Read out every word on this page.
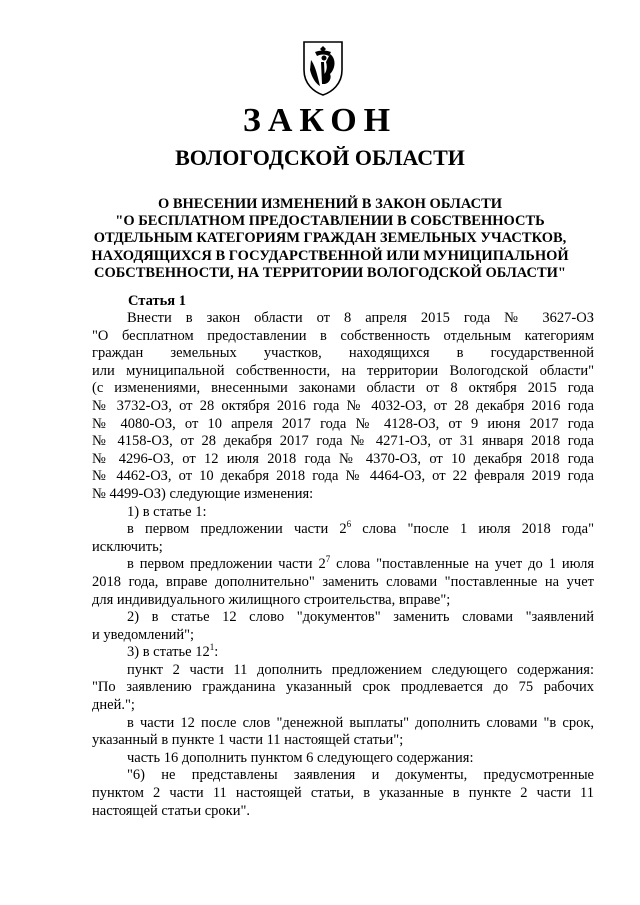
ЗАКОН
ВОЛОГОДСКОЙ ОБЛАСТИ
О ВНЕСЕНИИ ИЗМЕНЕНИЙ В ЗАКОН ОБЛАСТИ
"О БЕСПЛАТНОМ ПРЕДОСТАВЛЕНИИ В СОБСТВЕННОСТЬ
ОТДЕЛЬНЫМ КАТЕГОРИЯМ ГРАЖДАН ЗЕМЕЛЬНЫХ УЧАСТКОВ,
НАХОДЯЩИХСЯ В ГОСУДАРСТВЕННОЙ ИЛИ МУНИЦИПАЛЬНОЙ
СОБСТВЕННОСТИ, НА ТЕРРИТОРИИ ВОЛОГОДСКОЙ ОБЛАСТИ"
Статья 1
Внести в закон области от 8 апреля 2015 года № 3627-ОЗ
"О бесплатном предоставлении в собственность отдельным категориям
граждан земельных участков, находящихся в государственной
или муниципальной собственности, на территории Вологодской области"
(с изменениями, внесенными законами области от 8 октября 2015 года
№ 3732-ОЗ, от 28 октября 2016 года № 4032-ОЗ, от 28 декабря 2016 года
№ 4080-ОЗ, от 10 апреля 2017 года № 4128-ОЗ, от 9 июня 2017 года
№ 4158-ОЗ, от 28 декабря 2017 года № 4271-ОЗ, от 31 января 2018 года
№ 4296-ОЗ, от 12 июля 2018 года № 4370-ОЗ, от 10 декабря 2018 года
№ 4462-ОЗ, от 10 декабря 2018 года № 4464-ОЗ, от 22 февраля 2019 года
№ 4499-ОЗ) следующие изменения:
1) в статье 1:
в первом предложении части $2^6$ слова "после 1 июля 2018 года"
исключить;
в первом предложении части $2^7$ слова "поставленные на учет до 1 июля
2018 года, вправе дополнительно" заменить словами "поставленные на учет
для индивидуального жилищного строительства, вправе";
2) в статье 12 слово "документов" заменить словами "заявлений
и уведомлений";
3) в статье $12^1$:
пункт 2 части 11 дополнить предложением следующего содержания:
"По заявлению гражданина указанный срок продлевается до 75 рабочих
дней.";
в части 12 после слов "денежной выплаты" дополнить словами "в срок,
указанный в пункте 1 части 11 настоящей статьи";
часть 16 дополнить пунктом 6 следующего содержания:
"6) не представлены заявления и документы, предусмотренные
пунктом 2 части 11 настоящей статьи, в указанные в пункте 2 части 11
настоящей статьи сроки".
